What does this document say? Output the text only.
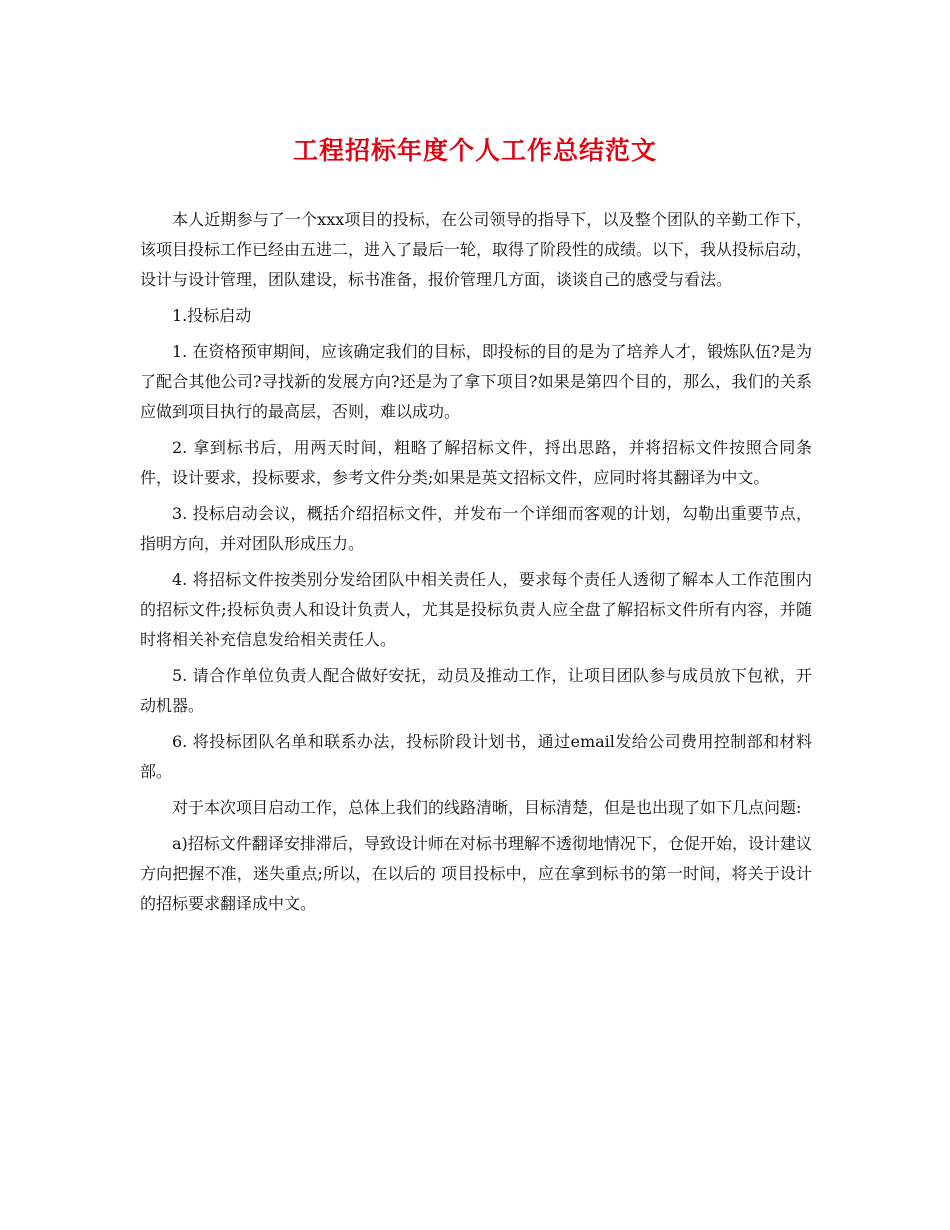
工程招标年度个人工作总结范文

本人近期参与了一个xxx项目的投标，在公司领导的指导下，以及整个团队的辛勤工作下，该项目投标工作已经由五进二，进入了最后一轮，取得了阶段性的成绩。以下，我从投标启动，设计与设计管理，团队建设，标书准备，报价管理几方面，谈谈自己的感受与看法。

1.投标启动

1. 在资格预审期间，应该确定我们的目标，即投标的目的是为了培养人才，锻炼队伍?是为了配合其他公司?寻找新的发展方向?还是为了拿下项目?如果是第四个目的，那么，我们的关系应做到项目执行的最高层，否则，难以成功。

2. 拿到标书后，用两天时间，粗略了解招标文件，捋出思路，并将招标文件按照合同条件，设计要求，投标要求，参考文件分类;如果是英文招标文件，应同时将其翻译为中文。

3. 投标启动会议，概括介绍招标文件，并发布一个详细而客观的计划，勾勒出重要节点，指明方向，并对团队形成压力。

4. 将招标文件按类别分发给团队中相关责任人，要求每个责任人透彻了解本人工作范围内的招标文件;投标负责人和设计负责人，尤其是投标负责人应全盘了解招标文件所有内容，并随时将相关补充信息发给相关责任人。

5. 请合作单位负责人配合做好安抚，动员及推动工作，让项目团队参与成员放下包袱，开动机器。

6. 将投标团队名单和联系办法，投标阶段计划书，通过email发给公司费用控制部和材料部。

对于本次项目启动工作，总体上我们的线路清晰，目标清楚，但是也出现了如下几点问题:

a)招标文件翻译安排滞后，导致设计师在对标书理解不透彻地情况下，仓促开始，设计建议方向把握不准，迷失重点;所以，在以后的 项目投标中，应在拿到标书的第一时间，将关于设计的招标要求翻译成中文。
